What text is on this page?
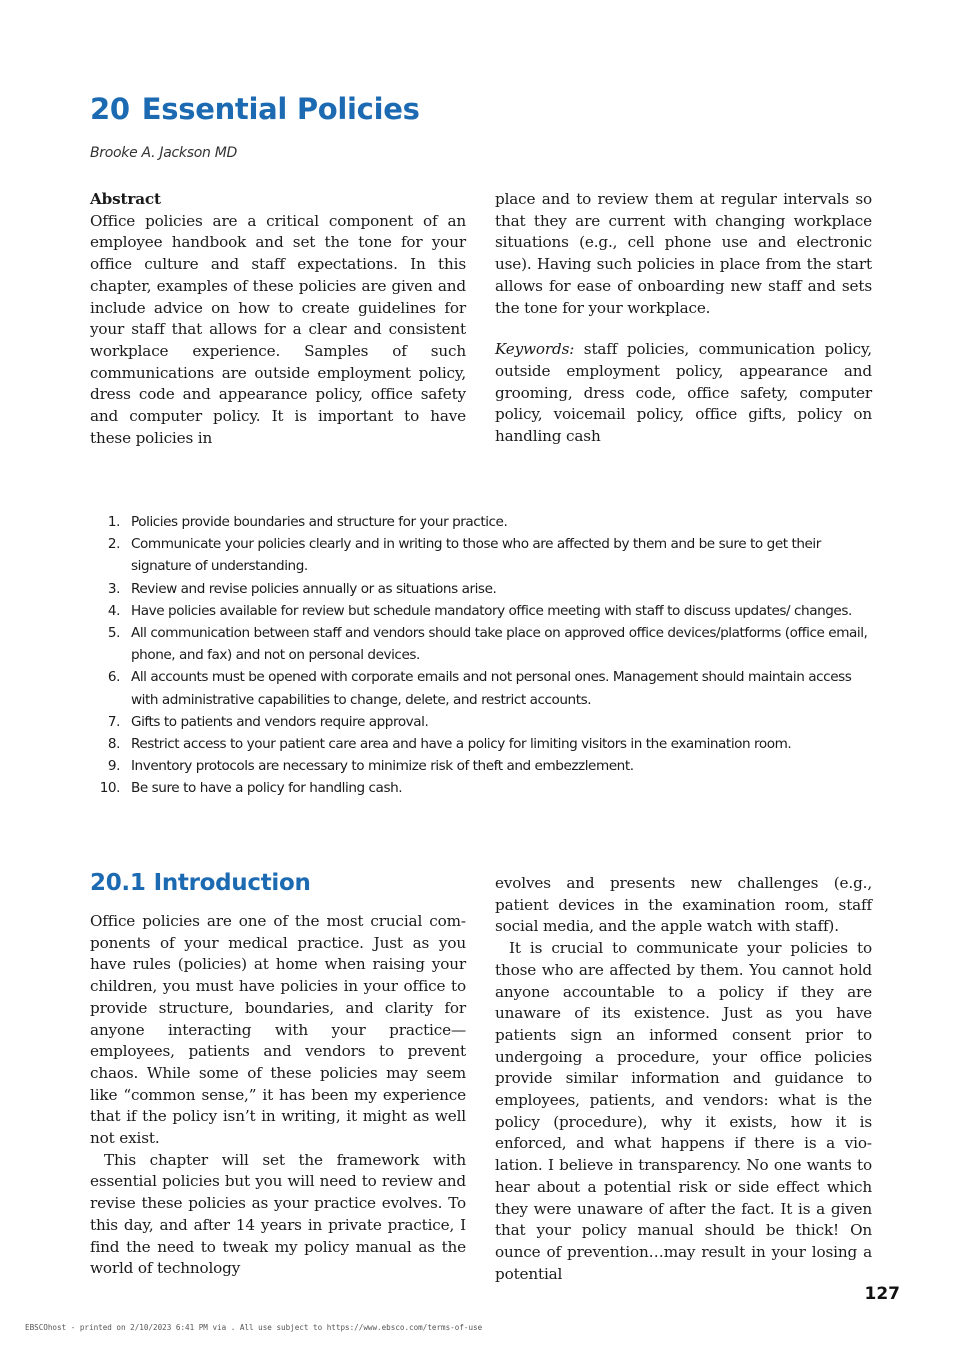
20 Essential Policies
Brooke A. Jackson MD
Abstract
Office policies are a critical component of an employee handbook and set the tone for your office culture and staff expectations. In this chapter, examples of these policies are given and include advice on how to create guidelines for your staff that allows for a clear and consistent workplace experience. Samples of such communications are outside employment policy, dress code and appearance policy, office safety and computer policy. It is important to have these policies in
place and to review them at regular intervals so that they are current with changing workplace situations (e.g., cell phone use and electronic use). Having such policies in place from the start allows for ease of onboarding new staff and sets the tone for your workplace.
Keywords: staff policies, communication policy, outside employment policy, appearance and grooming, dress code, office safety, computer policy, voicemail policy, office gifts, policy on handling cash
1. Policies provide boundaries and structure for your practice.
2. Communicate your policies clearly and in writing to those who are affected by them and be sure to get their signature of understanding.
3. Review and revise policies annually or as situations arise.
4. Have policies available for review but schedule mandatory office meeting with staff to discuss updates/ changes.
5. All communication between staff and vendors should take place on approved office devices/platforms (office email, phone, and fax) and not on personal devices.
6. All accounts must be opened with corporate emails and not personal ones. Management should maintain access with administrative capabilities to change, delete, and restrict accounts.
7. Gifts to patients and vendors require approval.
8. Restrict access to your patient care area and have a policy for limiting visitors in the examination room.
9. Inventory protocols are necessary to minimize risk of theft and embezzlement.
10. Be sure to have a policy for handling cash.
20.1 Introduction

Office policies are one of the most crucial components of your medical practice. Just as you have rules (policies) at home when raising your children, you must have policies in your office to provide structure, boundaries, and clarity for anyone interacting with your practice—employees, patients and vendors to prevent chaos. While some of these policies may seem like “common sense,” it has been my experience that if the policy isn’t in writing, it might as well not exist.

This chapter will set the framework with essential policies but you will need to review and revise these policies as your practice evolves. To this day, and after 14 years in private practice, I find the need to tweak my policy manual as the world of technology

evolves and presents new challenges (e.g., patient devices in the examination room, staff social media, and the apple watch with staff).

It is crucial to communicate your policies to those who are affected by them. You cannot hold anyone accountable to a policy if they are unaware of its existence. Just as you have patients sign an informed consent prior to undergoing a procedure, your office policies provide similar information and guidance to employees, patients, and vendors: what is the policy (procedure), why it exists, how it is enforced, and what happens if there is a violation. I believe in transparency. No one wants to hear about a potential risk or side effect which they were unaware of after the fact. It is a given that your policy manual should be thick! On ounce of prevention…may result in your losing a potential

127
EBSCOhost - printed on 2/10/2023 6:41 PM via . All use subject to https://www.ebsco.com/terms-of-use
